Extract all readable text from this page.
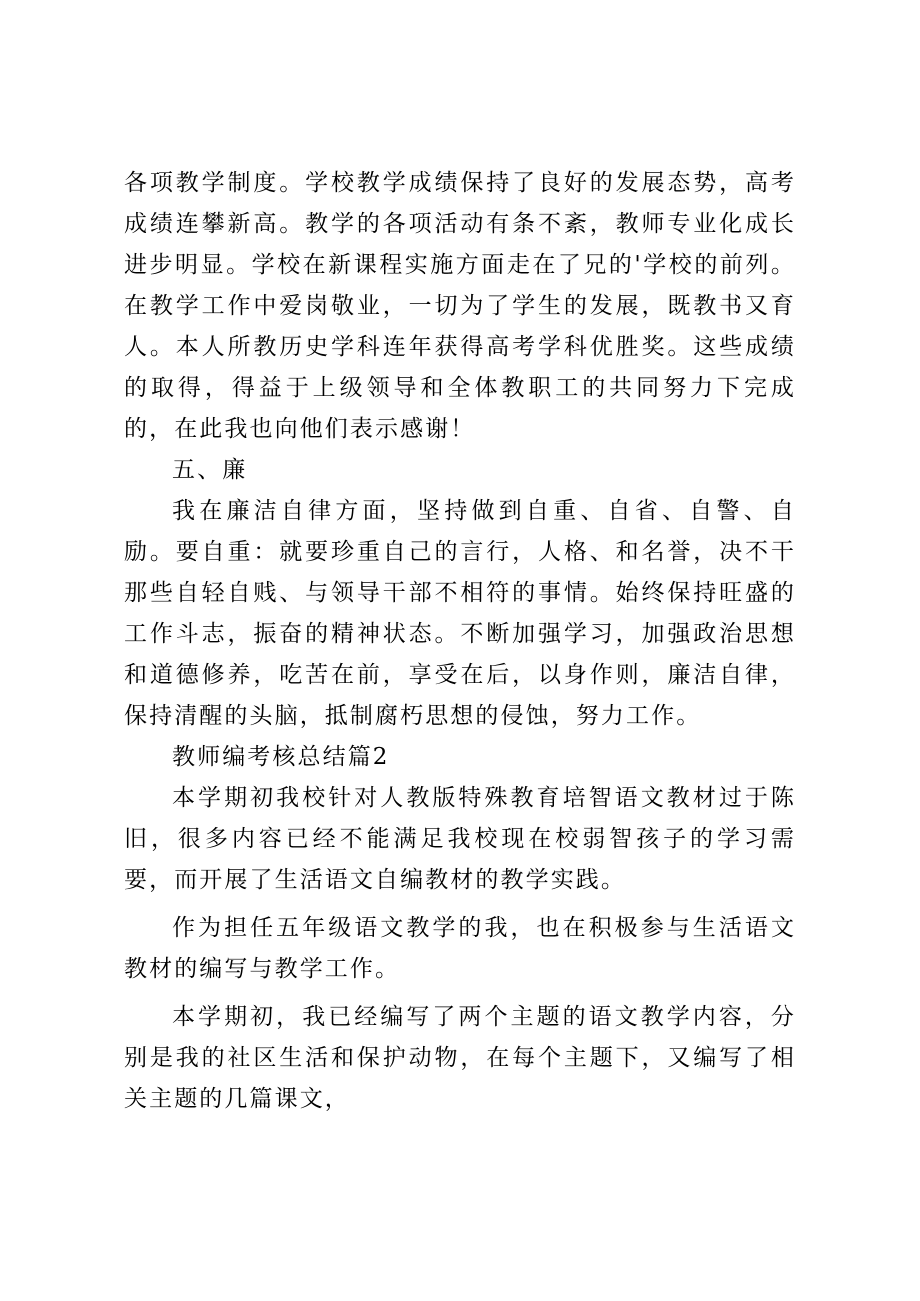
各项教学制度。学校教学成绩保持了良好的发展态势，高考成绩连攀新高。教学的各项活动有条不紊，教师专业化成长进步明显。学校在新课程实施方面走在了兄的'学校的前列。在教学工作中爱岗敬业，一切为了学生的发展，既教书又育人。本人所教历史学科连年获得高考学科优胜奖。这些成绩的取得，得益于上级领导和全体教职工的共同努力下完成的，在此我也向他们表示感谢！

五、廉

我在廉洁自律方面，坚持做到自重、自省、自警、自励。要自重：就要珍重自己的言行，人格、和名誉，决不干那些自轻自贱、与领导干部不相符的事情。始终保持旺盛的工作斗志，振奋的精神状态。不断加强学习，加强政治思想和道德修养，吃苦在前，享受在后，以身作则，廉洁自律，保持清醒的头脑，抵制腐朽思想的侵蚀，努力工作。

教师编考核总结篇2

本学期初我校针对人教版特殊教育培智语文教材过于陈旧，很多内容已经不能满足我校现在校弱智孩子的学习需要，而开展了生活语文自编教材的教学实践。

作为担任五年级语文教学的我，也在积极参与生活语文教材的编写与教学工作。

本学期初，我已经编写了两个主题的语文教学内容，分别是我的社区生活和保护动物，在每个主题下，又编写了相关主题的几篇课文，
